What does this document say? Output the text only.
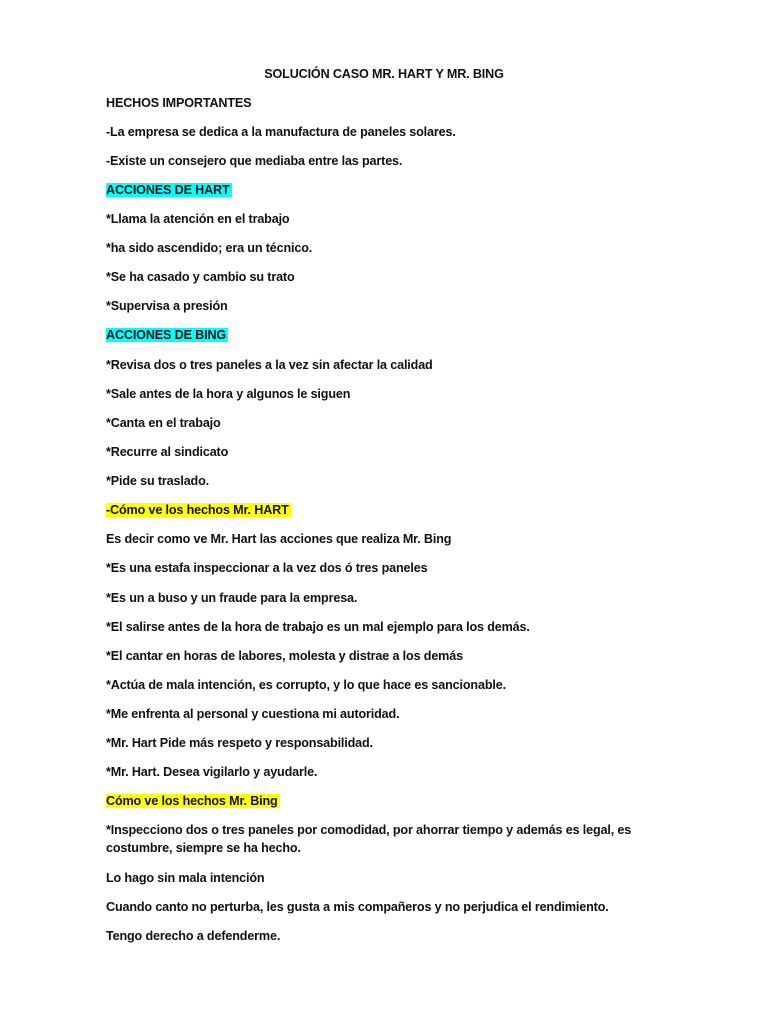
SOLUCIÓN CASO MR. HART Y MR. BING
HECHOS IMPORTANTES
-La empresa se dedica a la manufactura de paneles solares.
-Existe un consejero que mediaba entre las partes.
ACCIONES DE HART
*Llama la atención en el trabajo
*ha sido ascendido; era un técnico.
*Se ha casado y cambio su trato
*Supervisa a presión
ACCIONES DE BING
*Revisa dos o tres paneles a la vez sin afectar la calidad
*Sale antes de la hora y algunos le siguen
*Canta en el trabajo
*Recurre al sindicato
*Pide su traslado.
-Cómo ve los hechos Mr. HART
Es decir como ve Mr. Hart las acciones que realiza Mr. Bing
*Es una estafa inspeccionar a la vez dos ó tres paneles
*Es un a buso y un fraude para la empresa.
*El salirse antes de la hora de trabajo es un mal ejemplo para los demás.
*El cantar en horas de labores, molesta y distrae a los demás
*Actúa de mala intención, es corrupto, y lo que hace es sancionable.
*Me enfrenta al personal y cuestiona mi autoridad.
*Mr. Hart Pide más respeto y responsabilidad.
*Mr. Hart. Desea vigilarlo y ayudarle.
Cómo ve los hechos Mr. Bing
*Inspecciono dos o tres paneles por comodidad, por ahorrar tiempo y además es legal, es costumbre, siempre se ha hecho.
Lo hago sin mala intención
Cuando canto no perturba, les gusta a mis compañeros y no perjudica el rendimiento.
Tengo derecho a defenderme.
